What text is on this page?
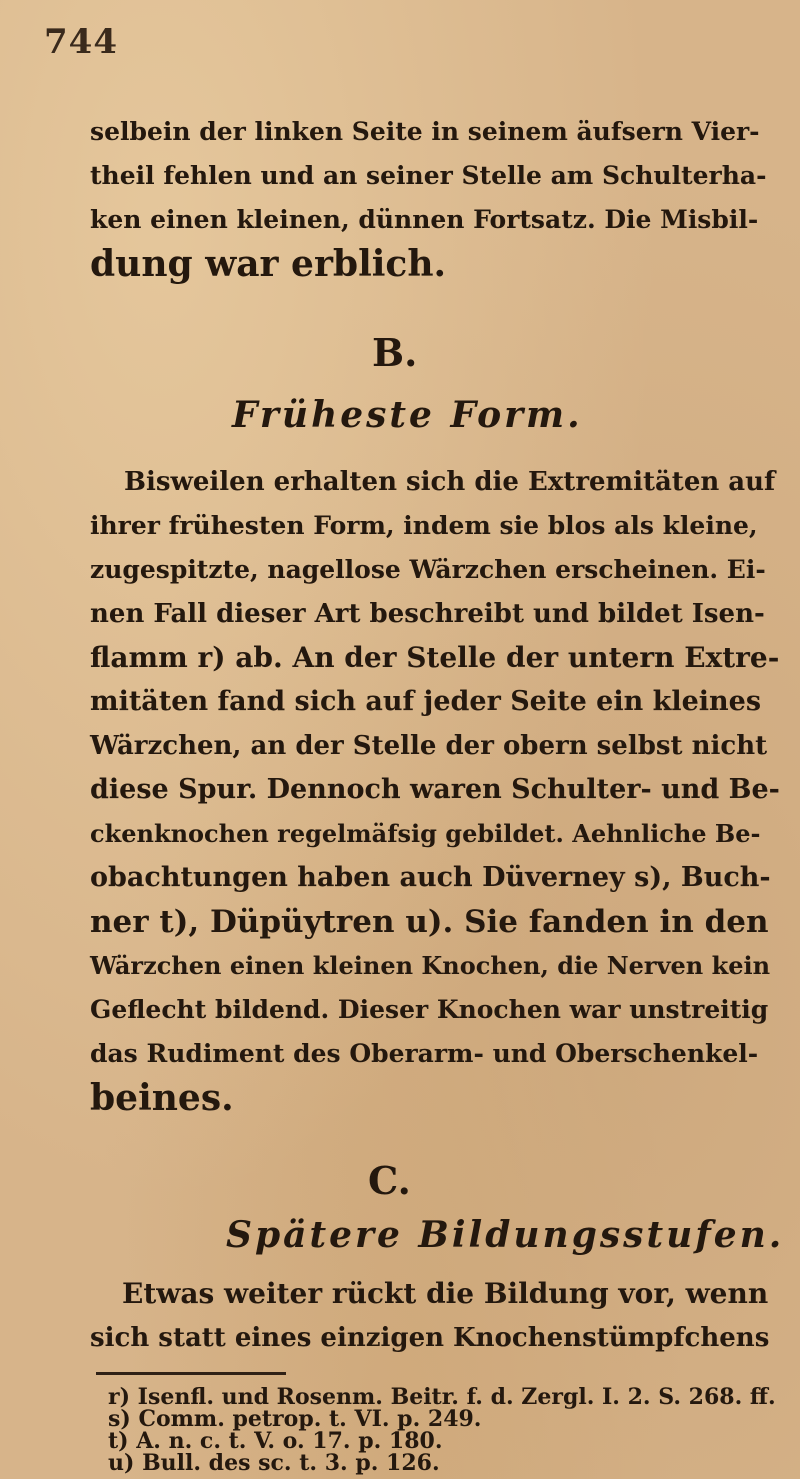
744
selbein der linken Seite in seinem äufsern Vier-
theil fehlen und an seiner Stelle am Schulterha-
ken einen kleinen, dünnen Fortsatz. Die Misbil-
dung war erblich.
B.
Früheste Form.
Bisweilen erhalten sich die Extremitäten auf
ihrer frühesten Form, indem sie blos als kleine,
zugespitzte, nagellose Wärzchen erscheinen. Ei-
nen Fall dieser Art beschreibt und bildet Isen-
flamm r) ab. An der Stelle der untern Extre-
mitäten fand sich auf jeder Seite ein kleines
Wärzchen, an der Stelle der obern selbst nicht
diese Spur. Dennoch waren Schulter- und Be-
ckenknochen regelmäfsig gebildet. Aehnliche Be-
obachtungen haben auch Düverney s), Buch-
ner t), Düpüytren u). Sie fanden in den
Wärzchen einen kleinen Knochen, die Nerven kein
Geflecht bildend. Dieser Knochen war unstreitig
das Rudiment des Oberarm- und Oberschenkel-
beines.
C.
Spätere Bildungsstufen.
Etwas weiter rückt die Bildung vor, wenn
sich statt eines einzigen Knochenstümpfchens
r) Isenfl. und Rosenm. Beitr. f. d. Zergl. I. 2. S. 268. ff.
s) Comm. petrop. t. VI. p. 249.
t) A. n. c. t. V. o. 17. p. 180.
u) Bull. des sc. t. 3. p. 126.
